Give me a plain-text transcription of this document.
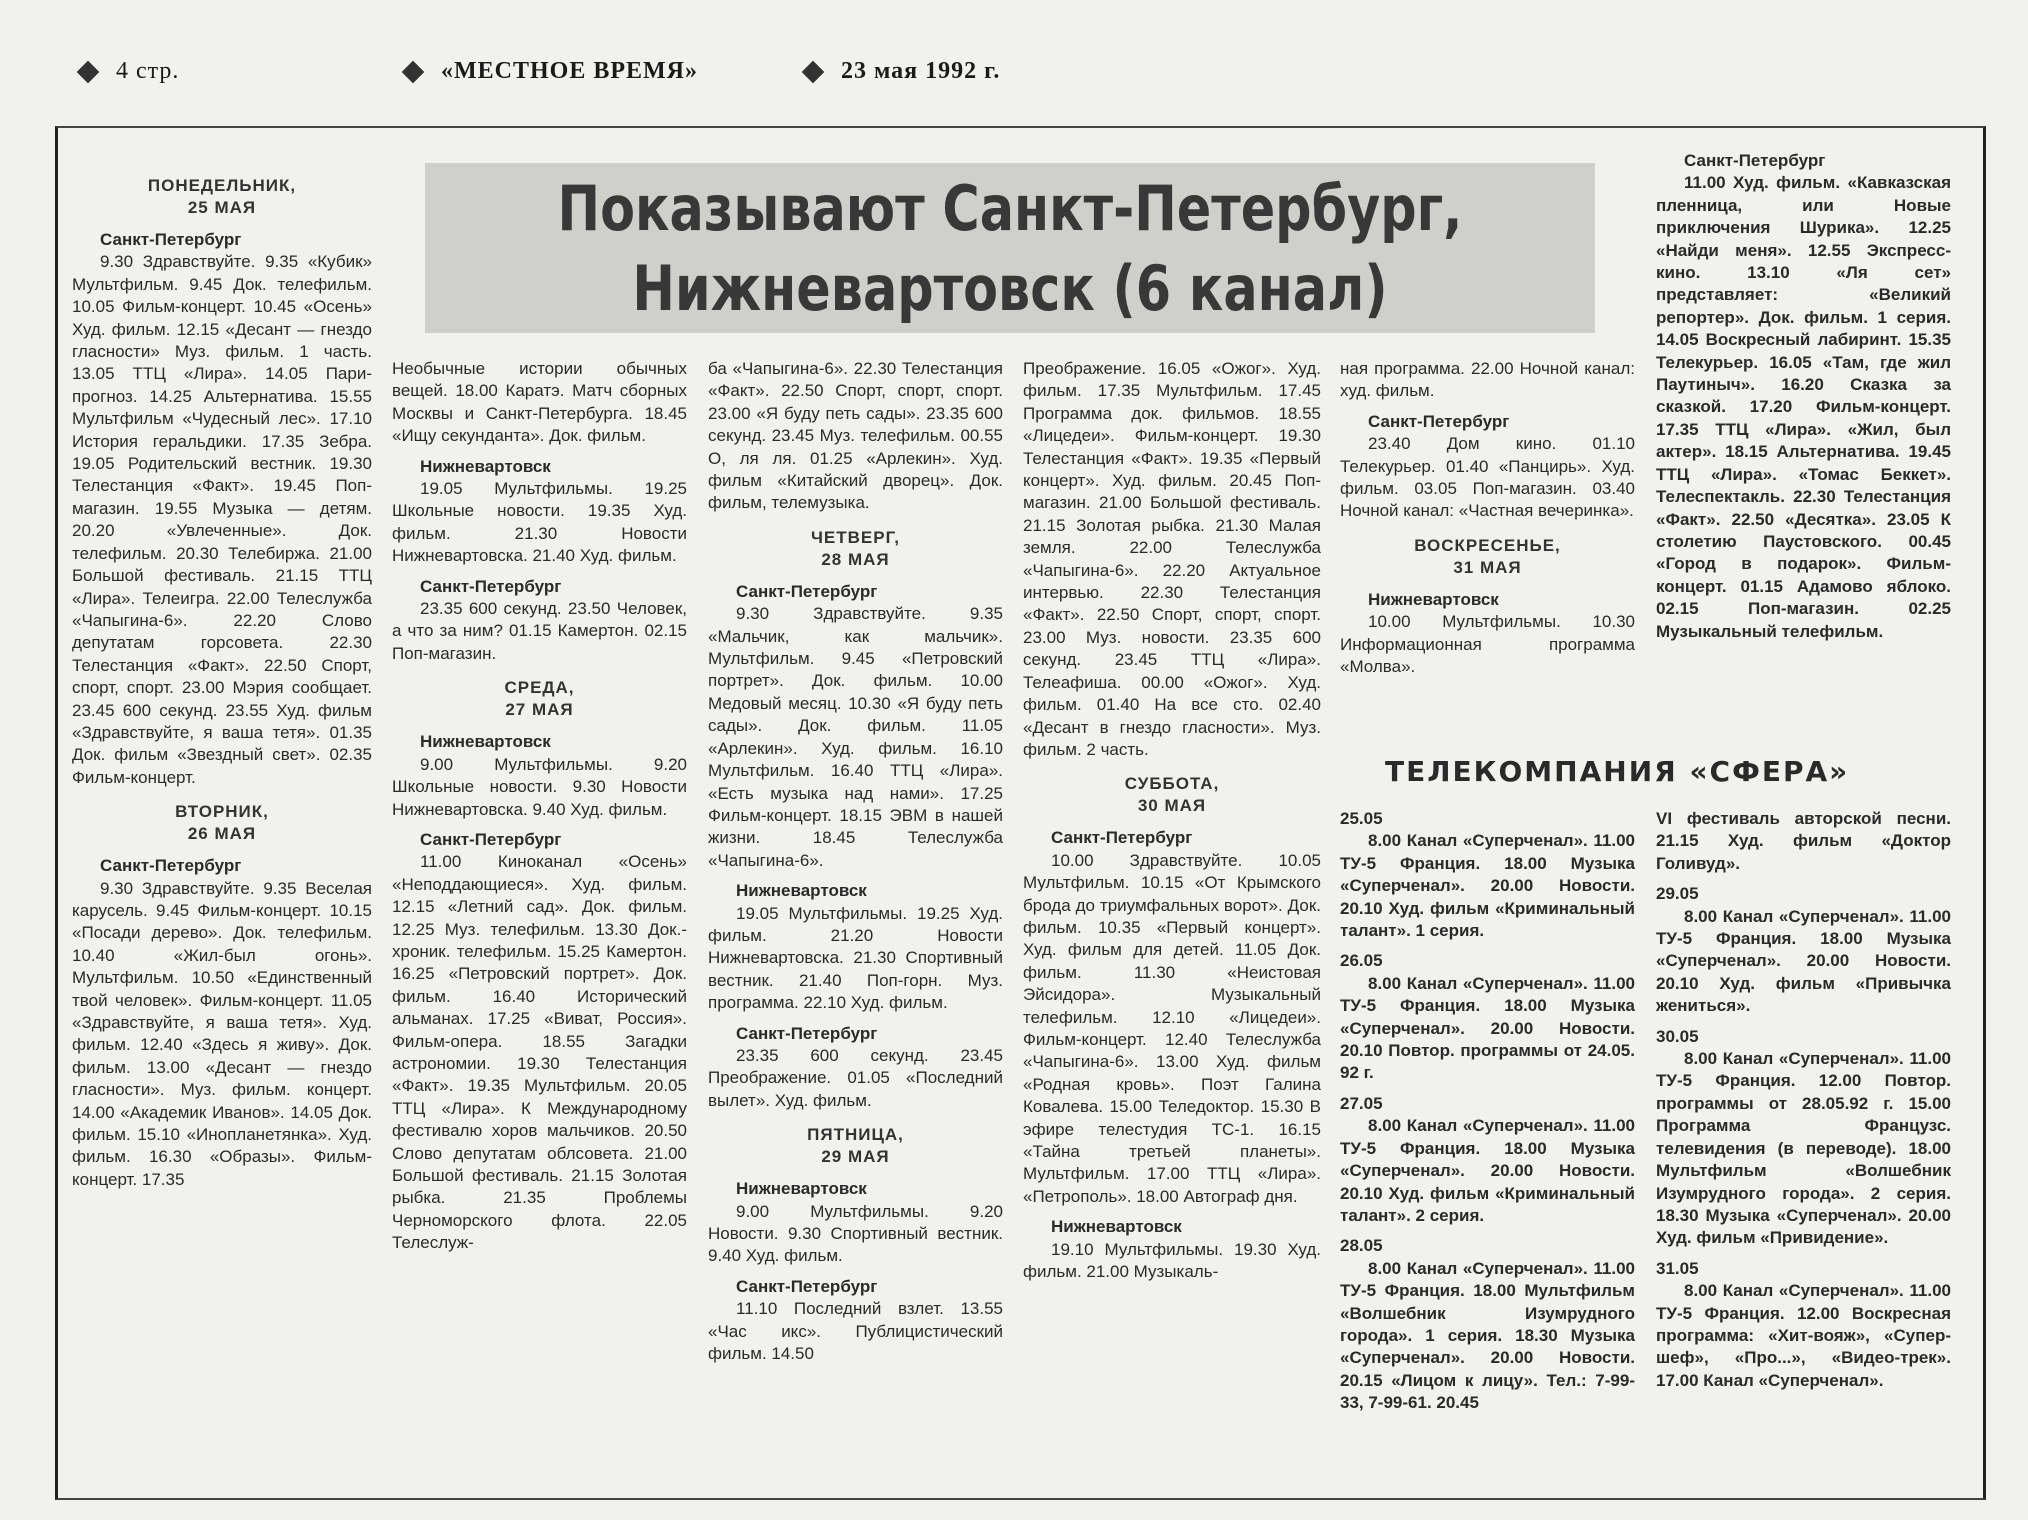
4 стр.	«МЕСТНОЕ ВРЕМЯ»	23 мая 1992 г.
Показывают Санкт-Петербург,
Нижневартовск (6 канал)

ПОНЕДЕЛЬНИК,
25 МАЯ

Санкт-Петербург

9.30 Здравствуйте. 9.35 «Кубик» Мультфильм. 9.45 Док. телефильм. 10.05 Фильм-концерт. 10.45 «Осень» Худ. фильм. 12.15 «Десант — гнездо гласности» Муз. фильм. 1 часть. 13.05 ТТЦ «Лира». 14.05 Пари-прогноз. 14.25 Альтернатива. 15.55 Мультфильм «Чудесный лес». 17.10 История геральдики. 17.35 Зебра. 19.05 Родительский вестник. 19.30 Телестанция «Факт». 19.45 Поп-магазин. 19.55 Музыка — детям. 20.20 «Увлеченные». Док. телефильм. 20.30 Телебиржа. 21.00 Большой фестиваль. 21.15 ТТЦ «Лира». Телеигра. 22.00 Телеслужба «Чапыгина-6». 22.20 Слово депутатам горсовета. 22.30 Телестанция «Факт». 22.50 Спорт, спорт, спорт. 23.00 Мэрия сообщает. 23.45 600 секунд. 23.55 Худ. фильм «Здравствуйте, я ваша тетя». 01.35 Док. фильм «Звездный свет». 02.35 Фильм-концерт.

ВТОРНИК,
26 МАЯ

Санкт-Петербург

9.30 Здравствуйте. 9.35 Веселая карусель. 9.45 Фильм-концерт. 10.15 «Посади дерево». Док. телефильм. 10.40 «Жил-был огонь». Мультфильм. 10.50 «Единственный твой человек». Фильм-концерт. 11.05 «Здравствуйте, я ваша тетя». Худ. фильм. 12.40 «Здесь я живу». Док. фильм. 13.00 «Десант — гнездо гласности». Муз. фильм. концерт. 14.00 «Академик Иванов». 14.05 Док. фильм. 15.10 «Инопланетянка». Худ. фильм. 16.30 «Образы». Фильм-концерт. 17.35

Необычные истории обычных вещей. 18.00 Каратэ. Матч сборных Москвы и Санкт-Петербурга. 18.45 «Ищу секунданта». Док. фильм.

Нижневартовск

19.05 Мультфильмы. 19.25 Школьные новости. 19.35 Худ. фильм. 21.30 Новости Нижневартовска. 21.40 Худ. фильм.

Санкт-Петербург

23.35 600 секунд. 23.50 Человек, а что за ним? 01.15 Камертон. 02.15 Поп-магазин.

СРЕДА,
27 МАЯ

Нижневартовск

9.00 Мультфильмы. 9.20 Школьные новости. 9.30 Новости Нижневартовска. 9.40 Худ. фильм.

Санкт-Петербург

11.00 Киноканал «Осень» «Неподдающиеся». Худ. фильм. 12.15 «Летний сад». Док. фильм. 12.25 Муз. телефильм. 13.30 Док.-хроник. телефильм. 15.25 Камертон. 16.25 «Петровский портрет». Док. фильм. 16.40 Исторический альманах. 17.25 «Виват, Россия». Фильм-опера. 18.55 Загадки астрономии. 19.30 Телестанция «Факт». 19.35 Мультфильм. 20.05 ТТЦ «Лира». К Международному фестивалю хоров мальчиков. 20.50 Слово депутатам облсовета. 21.00 Большой фестиваль. 21.15 Золотая рыбка. 21.35 Проблемы Черноморского флота. 22.05 Телеслуж-

ба «Чапыгина-6». 22.30 Телестанция «Факт». 22.50 Спорт, спорт, спорт. 23.00 «Я буду петь сады». 23.35 600 секунд. 23.45 Муз. телефильм. 00.55 О, ля ля. 01.25 «Арлекин». Худ. фильм «Китайский дворец». Док. фильм, телемузыка.

ЧЕТВЕРГ,
28 МАЯ

Санкт-Петербург

9.30 Здравствуйте. 9.35 «Мальчик, как мальчик». Мультфильм. 9.45 «Петровский портрет». Док. фильм. 10.00 Медовый месяц. 10.30 «Я буду петь сады». Док. фильм. 11.05 «Арлекин». Худ. фильм. 16.10 Мультфильм. 16.40 ТТЦ «Лира». «Есть музыка над нами». 17.25 Фильм-концерт. 18.15 ЭВМ в нашей жизни. 18.45 Телеслужба «Чапыгина-6».

Нижневартовск

19.05 Мультфильмы. 19.25 Худ. фильм. 21.20 Новости Нижневартовска. 21.30 Спортивный вестник. 21.40 Поп-горн. Муз. программа. 22.10 Худ. фильм.

Санкт-Петербург

23.35 600 секунд. 23.45 Преображение. 01.05 «Последний вылет». Худ. фильм.

ПЯТНИЦА,
29 МАЯ

Нижневартовск

9.00 Мультфильмы. 9.20 Новости. 9.30 Спортивный вестник. 9.40 Худ. фильм.

Санкт-Петербург

11.10 Последний взлет. 13.55 «Час икс». Публицистический фильм. 14.50

Преображение. 16.05 «Ожог». Худ. фильм. 17.35 Мультфильм. 17.45 Программа док. фильмов. 18.55 «Лицедеи». Фильм-концерт. 19.30 Телестанция «Факт». 19.35 «Первый концерт». Худ. фильм. 20.45 Поп-магазин. 21.00 Большой фестиваль. 21.15 Золотая рыбка. 21.30 Малая земля. 22.00 Телеслужба «Чапыгина-6». 22.20 Актуальное интервью. 22.30 Телестанция «Факт». 22.50 Спорт, спорт, спорт. 23.00 Муз. новости. 23.35 600 секунд. 23.45 ТТЦ «Лира». Телеафиша. 00.00 «Ожог». Худ. фильм. 01.40 На все сто. 02.40 «Десант в гнездо гласности». Муз. фильм. 2 часть.

СУББОТА,
30 МАЯ

Санкт-Петербург

10.00 Здравствуйте. 10.05 Мультфильм. 10.15 «От Крымского брода до триумфальных ворот». Док. фильм. 10.35 «Первый концерт». Худ. фильм для детей. 11.05 Док. фильм. 11.30 «Неистовая Эйсидора». Музыкальный телефильм. 12.10 «Лицедеи». Фильм-концерт. 12.40 Телеслужба «Чапыгина-6». 13.00 Худ. фильм «Родная кровь». Поэт Галина Ковалева. 15.00 Теледоктор. 15.30 В эфире телестудия ТС-1. 16.15 «Тайна третьей планеты». Мультфильм. 17.00 ТТЦ «Лира». «Петрополь». 18.00 Автограф дня.

Нижневартовск

19.10 Мультфильмы. 19.30 Худ. фильм. 21.00 Музыкаль-

ная программа. 22.00 Ночной канал: худ. фильм.

Санкт-Петербург

23.40 Дом кино. 01.10 Телекурьер. 01.40 «Панцирь». Худ. фильм. 03.05 Поп-магазин. 03.40 Ночной канал: «Частная вечеринка».

ВОСКРЕСЕНЬЕ,
31 МАЯ

Нижневартовск

10.00 Мультфильмы. 10.30 Информационная программа «Молва».

ТЕЛЕКОМПАНИЯ «СФЕРА»

25.05

8.00 Канал «Суперченал». 11.00 ТУ-5 Франция. 18.00 Музыка «Суперченал». 20.00 Новости. 20.10 Худ. фильм «Криминальный талант». 1 серия.

26.05

8.00 Канал «Суперченал». 11.00 ТУ-5 Франция. 18.00 Музыка «Суперченал». 20.00 Новости. 20.10 Повтор. программы от 24.05. 92 г.

27.05

8.00 Канал «Суперченал». 11.00 ТУ-5 Франция. 18.00 Музыка «Суперченал». 20.00 Новости. 20.10 Худ. фильм «Криминальный талант». 2 серия.

28.05

8.00 Канал «Суперченал». 11.00 ТУ-5 Франция. 18.00 Мультфильм «Волшебник Изумрудного города». 1 серия. 18.30 Музыка «Суперченал». 20.00 Новости. 20.15 «Лицом к лицу». Тел.: 7-99-33, 7-99-61. 20.45

Санкт-Петербург

11.00 Худ. фильм. «Кавказская пленница, или Новые приключения Шурика». 12.25 «Найди меня». 12.55 Экспресс-кино. 13.10 «Ля сет» представляет: «Великий репортер». Док. фильм. 1 серия. 14.05 Воскресный лабиринт. 15.35 Телекурьер. 16.05 «Там, где жил Паутиныч». 16.20 Сказка за сказкой. 17.20 Фильм-концерт. 17.35 ТТЦ «Лира». «Жил, был актер». 18.15 Альтернатива. 19.45 ТТЦ «Лира». «Томас Беккет». Телеспектакль. 22.30 Телестанция «Факт». 22.50 «Десятка». 23.05 К столетию Паустовского. 00.45 «Город в подарок». Фильм-концерт. 01.15 Адамово яблоко. 02.15 Поп-магазин. 02.25 Музыкальный телефильм.

VI фестиваль авторской песни. 21.15 Худ. фильм «Доктор Голивуд».

29.05

8.00 Канал «Суперченал». 11.00 ТУ-5 Франция. 18.00 Музыка «Суперченал». 20.00 Новости. 20.10 Худ. фильм «Привычка жениться».

30.05

8.00 Канал «Суперченал». 11.00 ТУ-5 Франция. 12.00 Повтор. программы от 28.05.92 г. 15.00 Программа Французс. телевидения (в переводе). 18.00 Мультфильм «Волшебник Изумрудного города». 2 серия. 18.30 Музыка «Суперченал». 20.00 Худ. фильм «Привидение».

31.05

8.00 Канал «Суперченал». 11.00 ТУ-5 Франция. 12.00 Воскресная программа: «Хит-вояж», «Супер-шеф», «Про...», «Видео-трек». 17.00 Канал «Суперченал».
